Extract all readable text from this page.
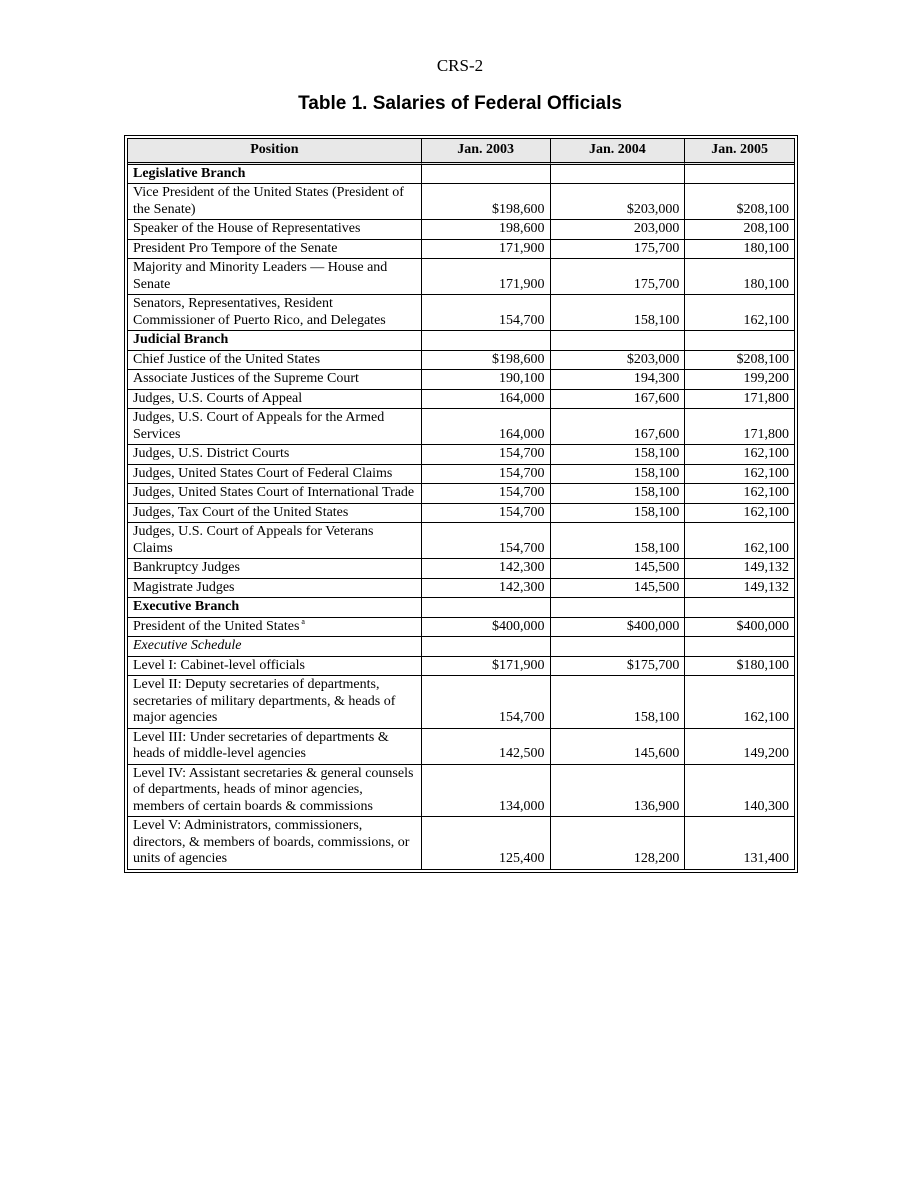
CRS-2
Table 1. Salaries of Federal Officials
Position	Jan. 2003	Jan. 2004	Jan. 2005
Legislative Branch			
Vice President of the United States (President of the Senate)	$198,600	$203,000	$208,100
Speaker of the House of Representatives	198,600	203,000	208,100
President Pro Tempore of the Senate	171,900	175,700	180,100
Majority and Minority Leaders — House and Senate	171,900	175,700	180,100
Senators, Representatives, Resident Commissioner of Puerto Rico, and Delegates	154,700	158,100	162,100
Judicial Branch			
Chief Justice of the United States	$198,600	$203,000	$208,100
Associate Justices of the Supreme Court	190,100	194,300	199,200
Judges, U.S. Courts of Appeal	164,000	167,600	171,800
Judges, U.S. Court of Appeals for the Armed Services	164,000	167,600	171,800
Judges, U.S. District Courts	154,700	158,100	162,100
Judges, United States Court of Federal Claims	154,700	158,100	162,100
Judges, United States Court of International Trade	154,700	158,100	162,100
Judges, Tax Court of the United States	154,700	158,100	162,100
Judges, U.S. Court of Appeals for Veterans Claims	154,700	158,100	162,100
Bankruptcy Judges	142,300	145,500	149,132
Magistrate Judges	142,300	145,500	149,132
Executive Branch			
President of the United States $^a$	$400,000	$400,000	$400,000
Executive Schedule			
Level I: Cabinet-level officials	$171,900	$175,700	$180,100
Level II: Deputy secretaries of departments, secretaries of military departments, & heads of major agencies	154,700	158,100	162,100
Level III: Under secretaries of departments & heads of middle-level agencies	142,500	145,600	149,200
Level IV: Assistant secretaries & general counsels of departments, heads of minor agencies, members of certain boards & commissions	134,000	136,900	140,300
Level V: Administrators, commissioners, directors, & members of boards, commissions, or units of agencies	125,400	128,200	131,400
